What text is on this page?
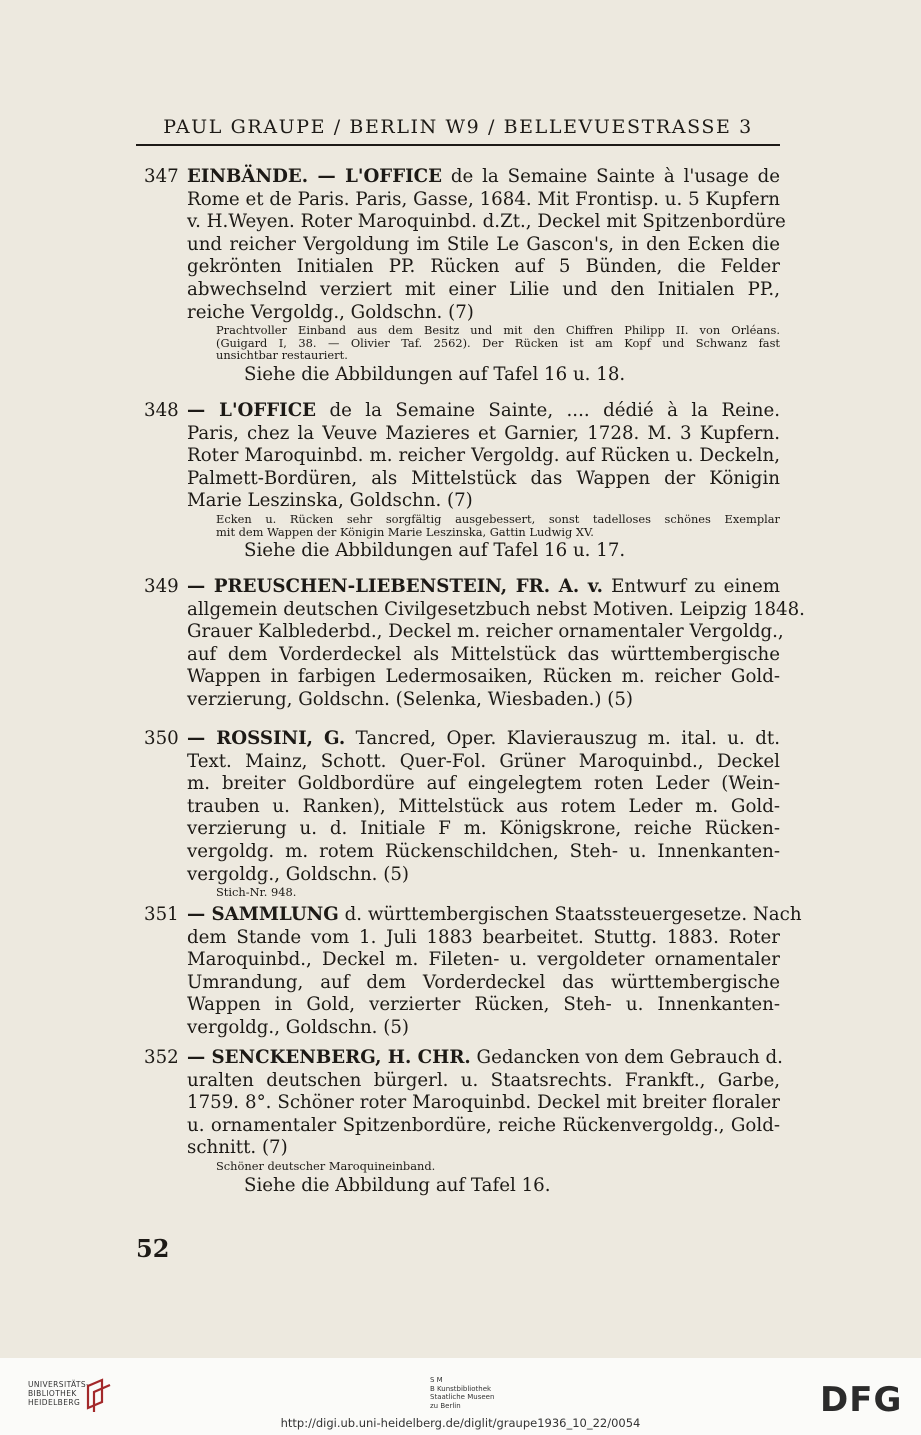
PAUL GRAUPE / BERLIN W9 / BELLEVUESTRASSE 3
347 EINBÄNDE. — L'OFFICE de la Semaine Sainte à l'usage de
Rome et de Paris. Paris, Gasse, 1684. Mit Frontisp. u. 5 Kupfern
v. H.Weyen. Roter Maroquinbd. d.Zt., Deckel mit Spitzenbordüre
und reicher Vergoldung im Stile Le Gascon's, in den Ecken die
gekrönten Initialen PP. Rücken auf 5 Bünden, die Felder
abwechselnd verziert mit einer Lilie und den Initialen PP.,
reiche Vergoldg., Goldschn. (7)
Prachtvoller Einband aus dem Besitz und mit den Chiffren Philipp II. von Orléans.
(Guigard I, 38. — Olivier Taf. 2562). Der Rücken ist am Kopf und Schwanz fast
unsichtbar restauriert.
Siehe die Abbildungen auf Tafel 16 u. 18.
348 — L'OFFICE de la Semaine Sainte, .... dédié à la Reine.
Paris, chez la Veuve Mazieres et Garnier, 1728. M. 3 Kupfern.
Roter Maroquinbd. m. reicher Vergoldg. auf Rücken u. Deckeln,
Palmett-Bordüren, als Mittelstück das Wappen der Königin
Marie Leszinska, Goldschn. (7)
Ecken u. Rücken sehr sorgfältig ausgebessert, sonst tadelloses schönes Exemplar
mit dem Wappen der Königin Marie Leszinska, Gattin Ludwig XV.
Siehe die Abbildungen auf Tafel 16 u. 17.
349 — PREUSCHEN-LIEBENSTEIN, FR. A. v. Entwurf zu einem
allgemein deutschen Civilgesetzbuch nebst Motiven. Leipzig 1848.
Grauer Kalblederbd., Deckel m. reicher ornamentaler Vergoldg.,
auf dem Vorderdeckel als Mittelstück das württembergische
Wappen in farbigen Ledermosaiken, Rücken m. reicher Gold-
verzierung, Goldschn. (Selenka, Wiesbaden.) (5)
350 — ROSSINI, G. Tancred, Oper. Klavierauszug m. ital. u. dt.
Text. Mainz, Schott. Quer-Fol. Grüner Maroquinbd., Deckel
m. breiter Goldbordüre auf eingelegtem roten Leder (Wein-
trauben u. Ranken), Mittelstück aus rotem Leder m. Gold-
verzierung u. d. Initiale F m. Königskrone, reiche Rücken-
vergoldg. m. rotem Rückenschildchen, Steh- u. Innenkanten-
vergoldg., Goldschn. (5)
Stich-Nr. 948.
351 — SAMMLUNG d. württembergischen Staatssteuergesetze. Nach
dem Stande vom 1. Juli 1883 bearbeitet. Stuttg. 1883. Roter
Maroquinbd., Deckel m. Fileten- u. vergoldeter ornamentaler
Umrandung, auf dem Vorderdeckel das württembergische
Wappen in Gold, verzierter Rücken, Steh- u. Innenkanten-
vergoldg., Goldschn. (5)
352 — SENCKENBERG, H. CHR. Gedancken von dem Gebrauch d.
uralten deutschen bürgerl. u. Staatsrechts. Frankft., Garbe,
1759. 8°. Schöner roter Maroquinbd. Deckel mit breiter floraler
u. ornamentaler Spitzenbordüre, reiche Rückenvergoldg., Gold-
schnitt. (7)
Schöner deutscher Maroquineinband.
Siehe die Abbildung auf Tafel 16.
52
UNIVERSITÄTS-
BIBLIOTHEK
HEIDELBERG
S M
B Kunstbibliothek
Staatliche Museen
zu Berlin	DFG
http://digi.ub.uni-heidelberg.de/diglit/graupe1936_10_22/0054
